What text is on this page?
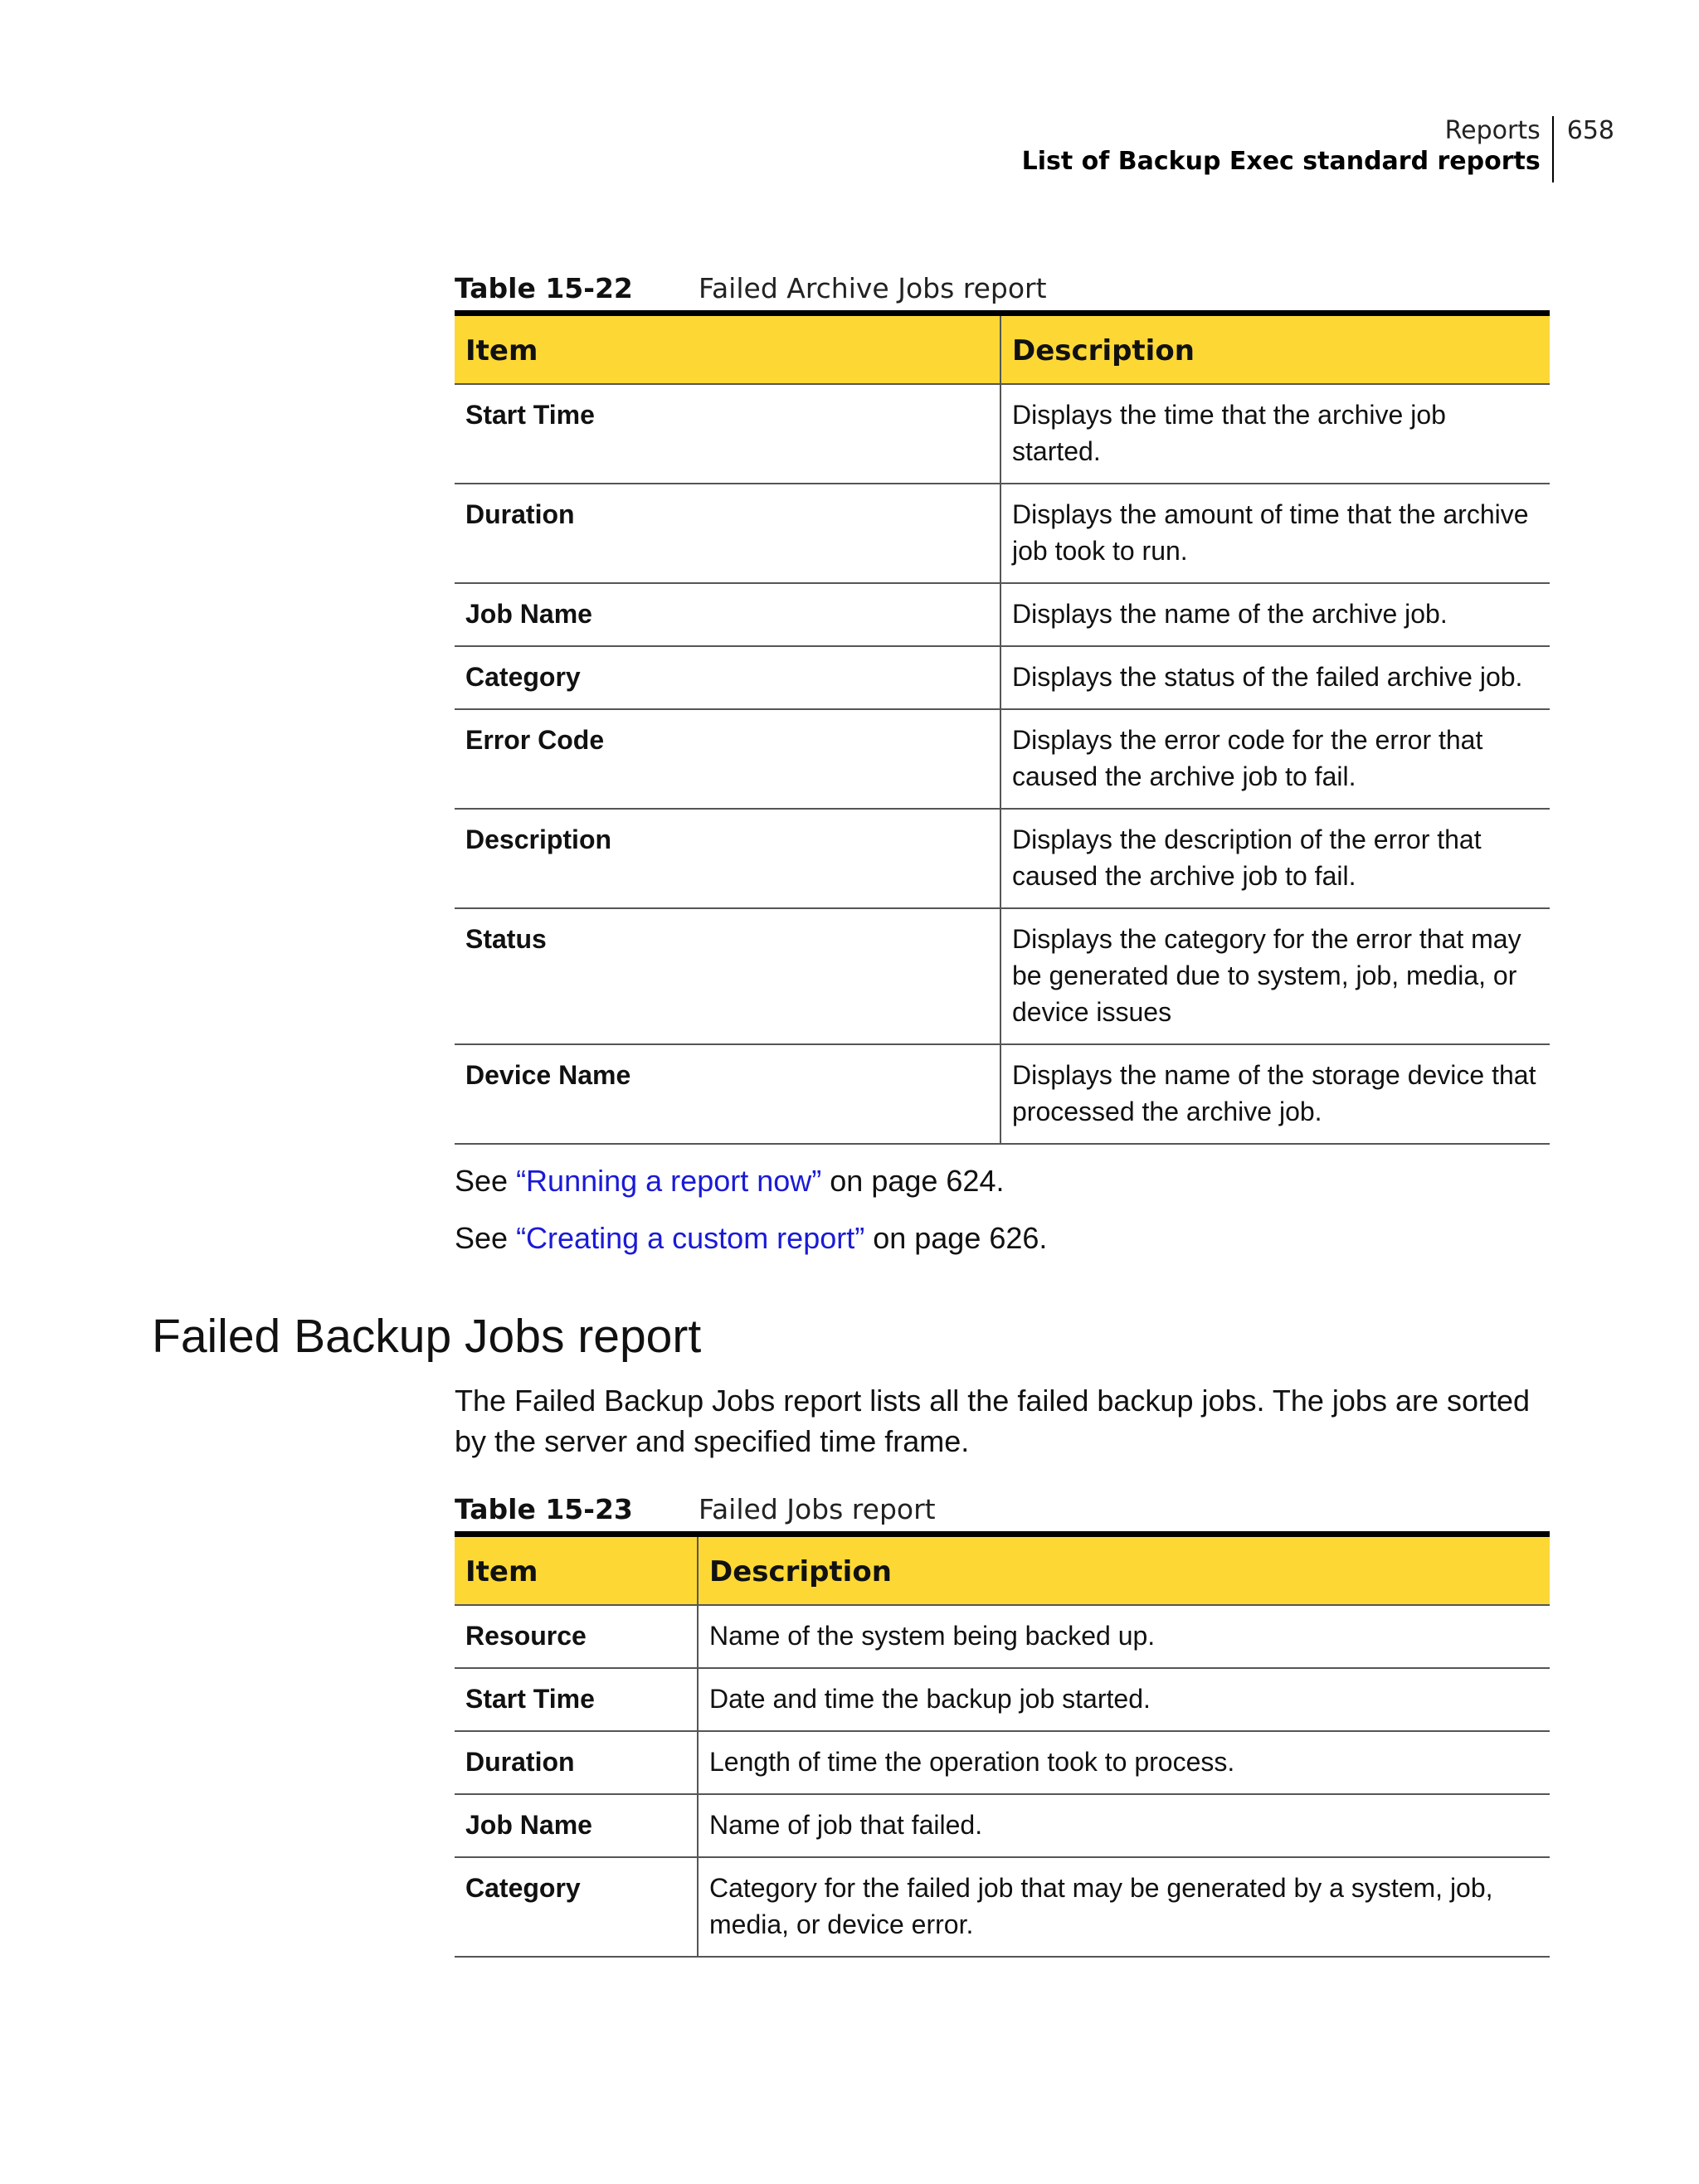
Reports
List of Backup Exec standard reports
658
Table 15-22	Failed Archive Jobs report
Item	Description
Start Time	Displays the time that the archive job started.
Duration	Displays the amount of time that the archive job took to run.
Job Name	Displays the name of the archive job.
Category	Displays the status of the failed archive job.
Error Code	Displays the error code for the error that caused the archive job to fail.
Description	Displays the description of the error that caused the archive job to fail.
Status	Displays the category for the error that may be generated due to system, job, media, or device issues
Device Name	Displays the name of the storage device that processed the archive job.
See “Running a report now” on page 624.
See “Creating a custom report” on page 626.
Failed Backup Jobs report

The Failed Backup Jobs report lists all the failed backup jobs. The jobs are sorted by the server and specified time frame.

Table 15-23	Failed Jobs report
Item	Description
Resource	Name of the system being backed up.
Start Time	Date and time the backup job started.
Duration	Length of time the operation took to process.
Job Name	Name of job that failed.
Category	Category for the failed job that may be generated by a system, job, media, or device error.
